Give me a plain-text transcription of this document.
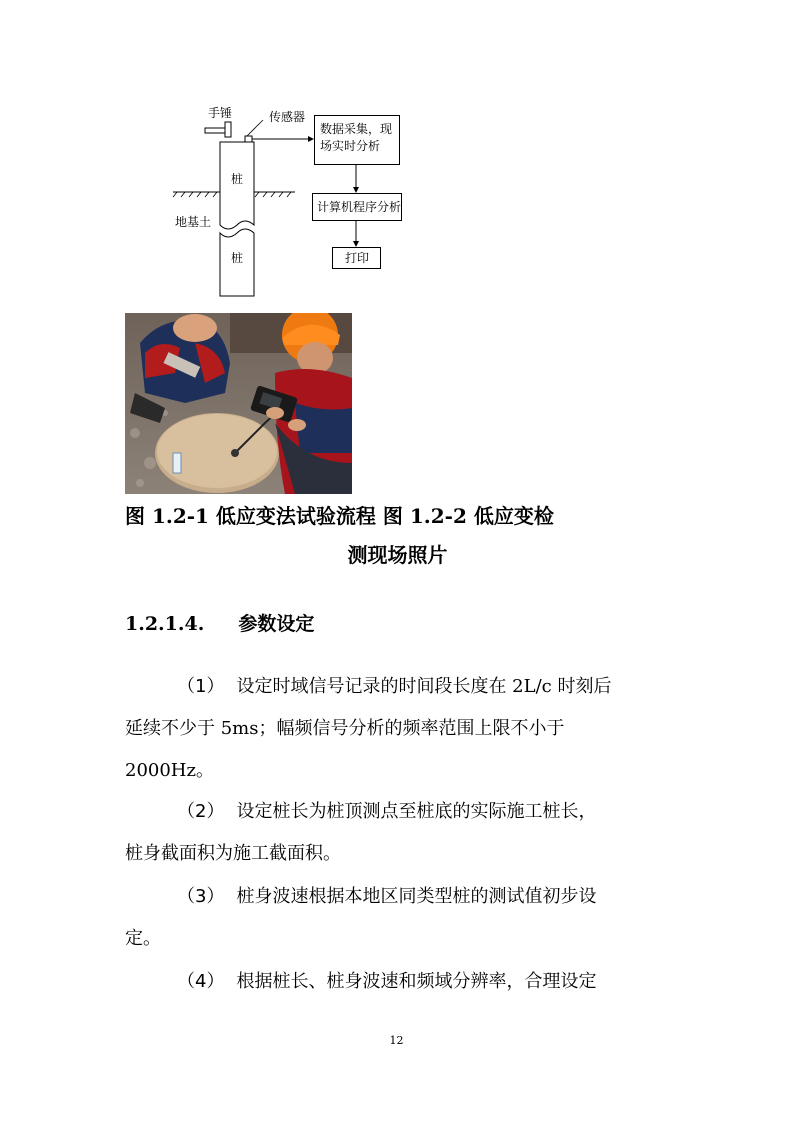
手锤	传感器
桩
桩
地基土
数据采集，现
场实时分析
计算机程序分析
打印
图 1.2-1 低应变法试验流程 图 1.2-2 低应变检
测现场照片
1.2.1.4. 参数设定
（1） 设定时域信号记录的时间段长度在 2L/c 时刻后
延续不少于 5ms；幅频信号分析的频率范围上限不小于
2000Hz。
（2） 设定桩长为桩顶测点至桩底的实际施工桩长，
桩身截面积为施工截面积。
（3） 桩身波速根据本地区同类型桩的测试值初步设
定。
（4） 根据桩长、桩身波速和频域分辨率，合理设定
12
